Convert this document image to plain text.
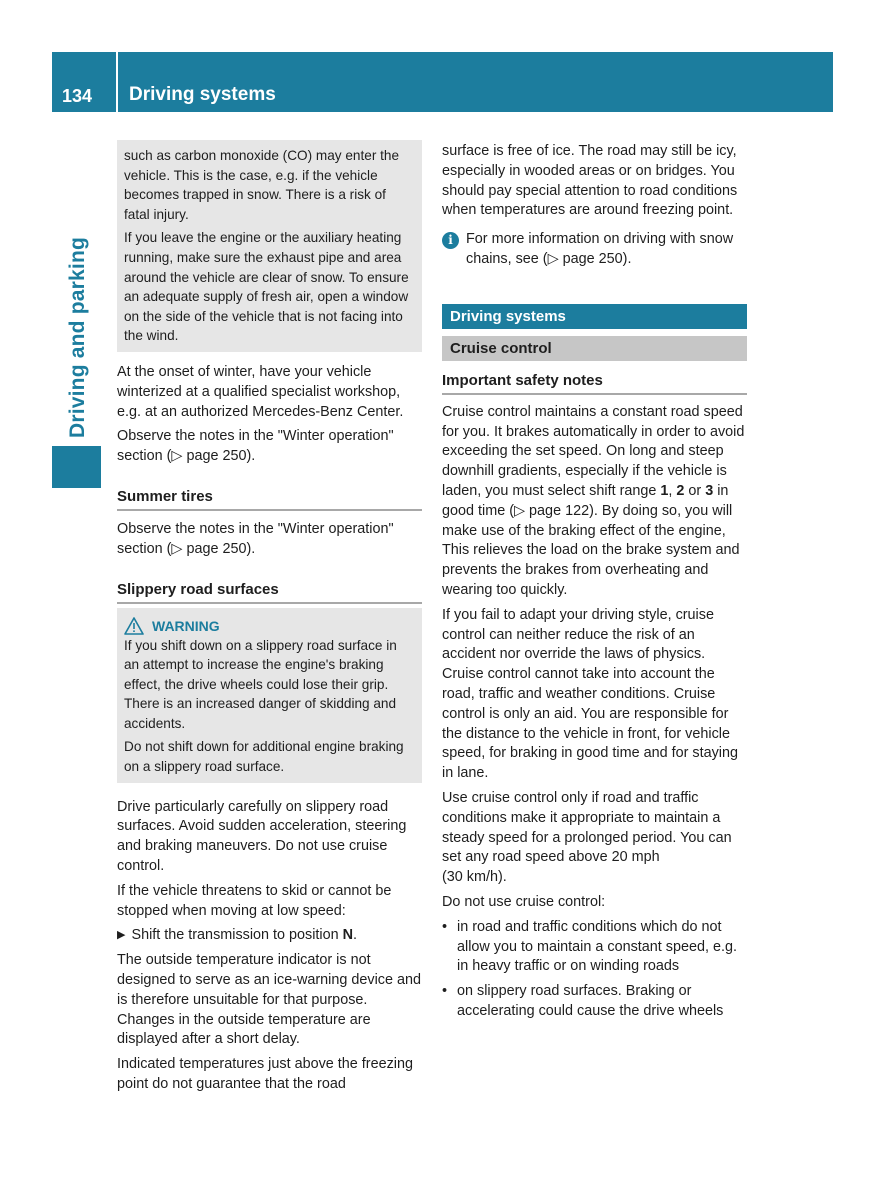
134 Driving systems
Driving and parking

such as carbon monoxide (CO) may enter the vehicle. This is the case, e.g. if the vehicle becomes trapped in snow. There is a risk of fatal injury.

If you leave the engine or the auxiliary heating running, make sure the exhaust pipe and area around the vehicle are clear of snow. To ensure an adequate supply of fresh air, open a window on the side of the vehicle that is not facing into the wind.

At the onset of winter, have your vehicle winterized at a qualified specialist workshop, e.g. at an authorized Mercedes-Benz Center.

Observe the notes in the "Winter operation" section (▷ page 250).

Summer tires

Observe the notes in the "Winter operation" section (▷ page 250).

Slippery road surfaces
WARNING

If you shift down on a slippery road surface in an attempt to increase the engine's braking effect, the drive wheels could lose their grip. There is an increased danger of skidding and accidents.

Do not shift down for additional engine braking on a slippery road surface.

Drive particularly carefully on slippery road surfaces. Avoid sudden acceleration, steering and braking maneuvers. Do not use cruise control.

If the vehicle threatens to skid or cannot be stopped when moving at low speed:

▶ Shift the transmission to position N.

The outside temperature indicator is not designed to serve as an ice-warning device and is therefore unsuitable for that purpose. Changes in the outside temperature are displayed after a short delay.

Indicated temperatures just above the freezing point do not guarantee that the road

surface is free of ice. The road may still be icy, especially in wooded areas or on bridges. You should pay special attention to road conditions when temperatures are around freezing point.

i For more information on driving with snow chains, see (▷ page 250).

Driving systems
Cruise control
Important safety notes

Cruise control maintains a constant road speed for you. It brakes automatically in order to avoid exceeding the set speed. On long and steep downhill gradients, especially if the vehicle is laden, you must select shift range 1, 2 or 3 in good time (▷ page 122). By doing so, you will make use of the braking effect of the engine, This relieves the load on the brake system and prevents the brakes from overheating and wearing too quickly.

If you fail to adapt your driving style, cruise control can neither reduce the risk of an accident nor override the laws of physics. Cruise control cannot take into account the road, traffic and weather conditions. Cruise control is only an aid. You are responsible for the distance to the vehicle in front, for vehicle speed, for braking in good time and for staying in lane.

Use cruise control only if road and traffic conditions make it appropriate to maintain a steady speed for a prolonged period. You can set any road speed above 20 mph

(30 km/h).

Do not use cruise control:

• in road and traffic conditions which do not allow you to maintain a constant speed, e.g. in heavy traffic or on winding roads
• on slippery road surfaces. Braking or accelerating could cause the drive wheels
